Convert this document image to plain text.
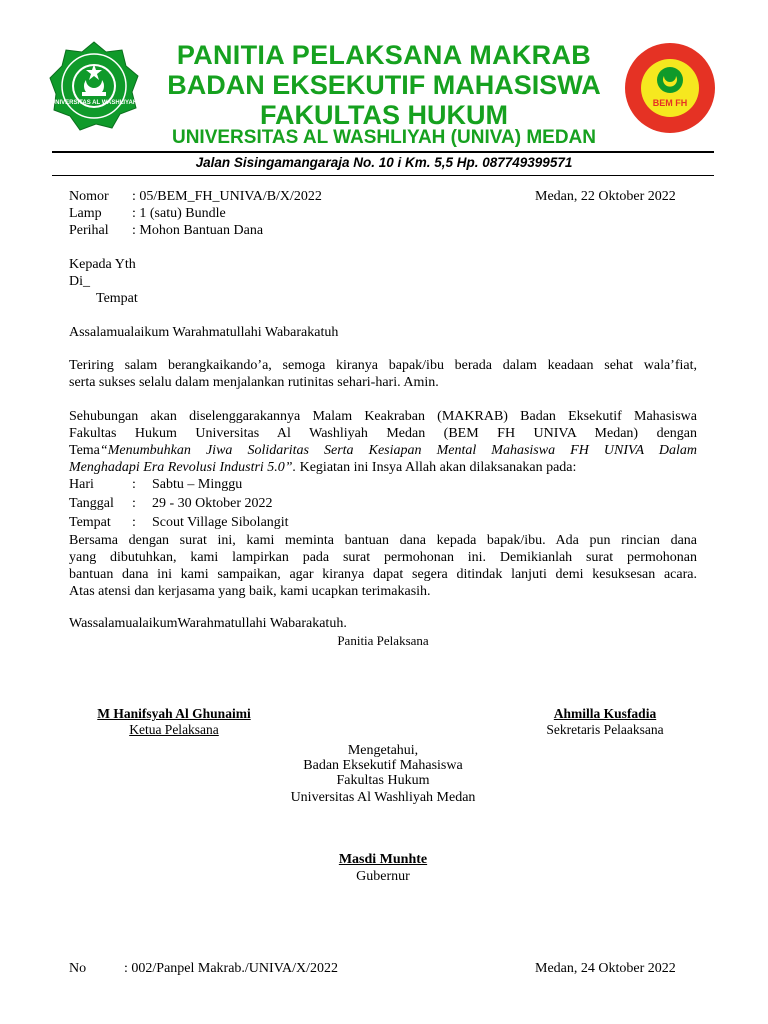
UNIVERSITAS AL WASHLIYAH	BEM FH
PANITIA PELAKSANA MAKRAB
BADAN EKSEKUTIF MAHASISWA
FAKULTAS HUKUM
UNIVERSITAS AL WASHLIYAH (UNIVA) MEDAN
Jalan Sisingamangaraja No. 10 i Km. 5,5 Hp. 087749399571
Nomor : 05/BEM_FH_UNIVA/B/X/2022	Medan, 22 Oktober 2022
Lamp : 1 (satu) Bundle
Perihal : Mohon Bantuan Dana
Kepada Yth
Di_
Tempat
Assalamualaikum Warahmatullahi Wabarakatuh
Teriring salam berangkaikando’a, semoga kiranya bapak/ibu berada dalam keadaan sehat wala’fiat,
serta sukses selalu dalam menjalankan rutinitas sehari-hari. Amin.
Sehubungan akan diselenggarakannya Malam Keakraban (MAKRAB) Badan Eksekutif Mahasiswa
Fakultas Hukum Universitas Al Washliyah Medan (BEM FH UNIVA Medan) dengan
Tema “Menumbuhkan Jiwa Solidaritas Serta Kesiapan Mental Mahasiswa FH UNIVA Dalam
Menghadapi Era Revolusi Industri 5.0”. Kegiatan ini Insya Allah akan dilaksanakan pada:
Hari	: Sabtu – Minggu
Tanggal : 29 - 30 Oktober 2022
Tempat : Scout Village Sibolangit
Bersama dengan surat ini, kami meminta bantuan dana kepada bapak/ibu. Ada pun rincian dana
yang dibutuhkan, kami lampirkan pada surat permohonan ini. Demikianlah surat permohonan
bantuan dana ini kami sampaikan, agar kiranya dapat segera ditindak lanjuti demi kesuksesan acara.
Atas atensi dan kerjasama yang baik, kami ucapkan terimakasih.
WassalamualaikumWarahmatullahi Wabarakatuh.
Panitia Pelaksana
M Hanifsyah Al Ghunaimi
Ketua Pelaksana
Ahmilla Kusfadia
Sekretaris Pelaaksana
Mengetahui,
Badan Eksekutif Mahasiswa
Fakultas Hukum
Universitas Al Washliyah Medan
Masdi Munhte
Gubernur
No	: 002/Panpel Makrab./UNIVA/X/2022	Medan, 24 Oktober 2022
